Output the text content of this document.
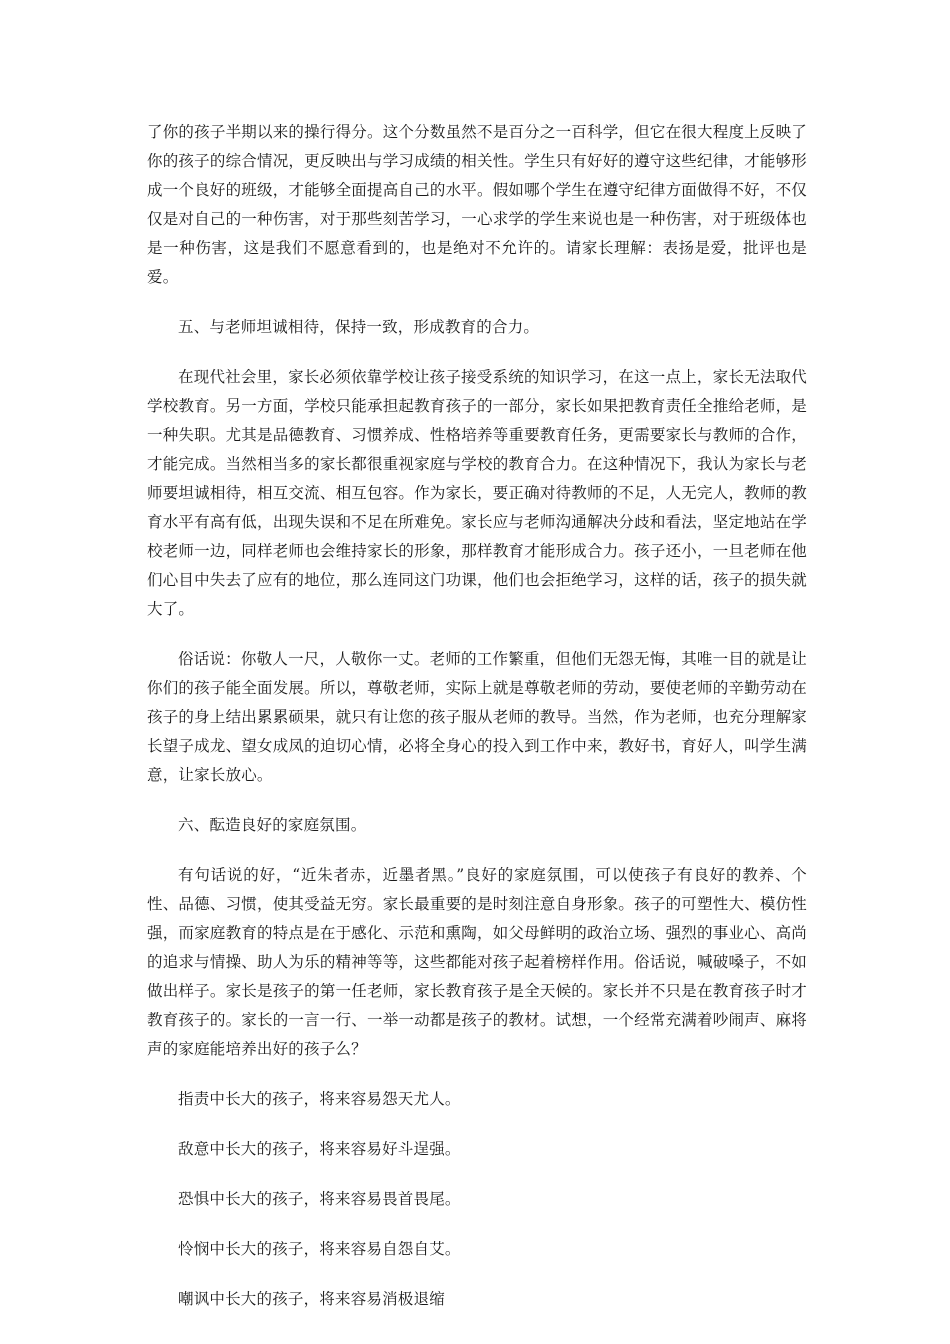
了你的孩子半期以来的操行得分。这个分数虽然不是百分之一百科学，但它在很大程度上反映了你的孩子的综合情况，更反映出与学习成绩的相关性。学生只有好好的遵守这些纪律，才能够形成一个良好的班级，才能够全面提高自己的水平。假如哪个学生在遵守纪律方面做得不好，不仅仅是对自己的一种伤害，对于那些刻苦学习，一心求学的学生来说也是一种伤害，对于班级体也是一种伤害，这是我们不愿意看到的，也是绝对不允许的。请家长理解：表扬是爱，批评也是爱。

五、与老师坦诚相待，保持一致，形成教育的合力。

在现代社会里，家长必须依靠学校让孩子接受系统的知识学习，在这一点上，家长无法取代学校教育。另一方面，学校只能承担起教育孩子的一部分，家长如果把教育责任全推给老师，是一种失职。尤其是品德教育、习惯养成、性格培养等重要教育任务，更需要家长与教师的合作，才能完成。当然相当多的家长都很重视家庭与学校的教育合力。在这种情况下，我认为家长与老师要坦诚相待，相互交流、相互包容。作为家长，要正确对待教师的不足，人无完人，教师的教育水平有高有低，出现失误和不足在所难免。家长应与老师沟通解决分歧和看法，坚定地站在学校老师一边，同样老师也会维持家长的形象，那样教育才能形成合力。孩子还小，一旦老师在他们心目中失去了应有的地位，那么连同这门功课，他们也会拒绝学习，这样的话，孩子的损失就大了。

俗话说：你敬人一尺，人敬你一丈。老师的工作繁重，但他们无怨无悔，其唯一目的就是让你们的孩子能全面发展。所以，尊敬老师，实际上就是尊敬老师的劳动，要使老师的辛勤劳动在孩子的身上结出累累硕果，就只有让您的孩子服从老师的教导。当然，作为老师，也充分理解家长望子成龙、望女成凤的迫切心情，必将全身心的投入到工作中来，教好书，育好人，叫学生满意，让家长放心。

六、酝造良好的家庭氛围。

有句话说的好，“近朱者赤，近墨者黑。”良好的家庭氛围，可以使孩子有良好的教养、个性、品德、习惯，使其受益无穷。家长最重要的是时刻注意自身形象。孩子的可塑性大、模仿性强，而家庭教育的特点是在于感化、示范和熏陶，如父母鲜明的政治立场、强烈的事业心、高尚的追求与情操、助人为乐的精神等等，这些都能对孩子起着榜样作用。俗话说，喊破嗓子，不如做出样子。家长是孩子的第一任老师，家长教育孩子是全天候的。家长并不只是在教育孩子时才教育孩子的。家长的一言一行、一举一动都是孩子的教材。试想，一个经常充满着吵闹声、麻将声的家庭能培养出好的孩子么？

指责中长大的孩子，将来容易怨天尤人。

敌意中长大的孩子，将来容易好斗逞强。

恐惧中长大的孩子，将来容易畏首畏尾。

怜悯中长大的孩子，将来容易自怨自艾。

嘲讽中长大的孩子，将来容易消极退缩
